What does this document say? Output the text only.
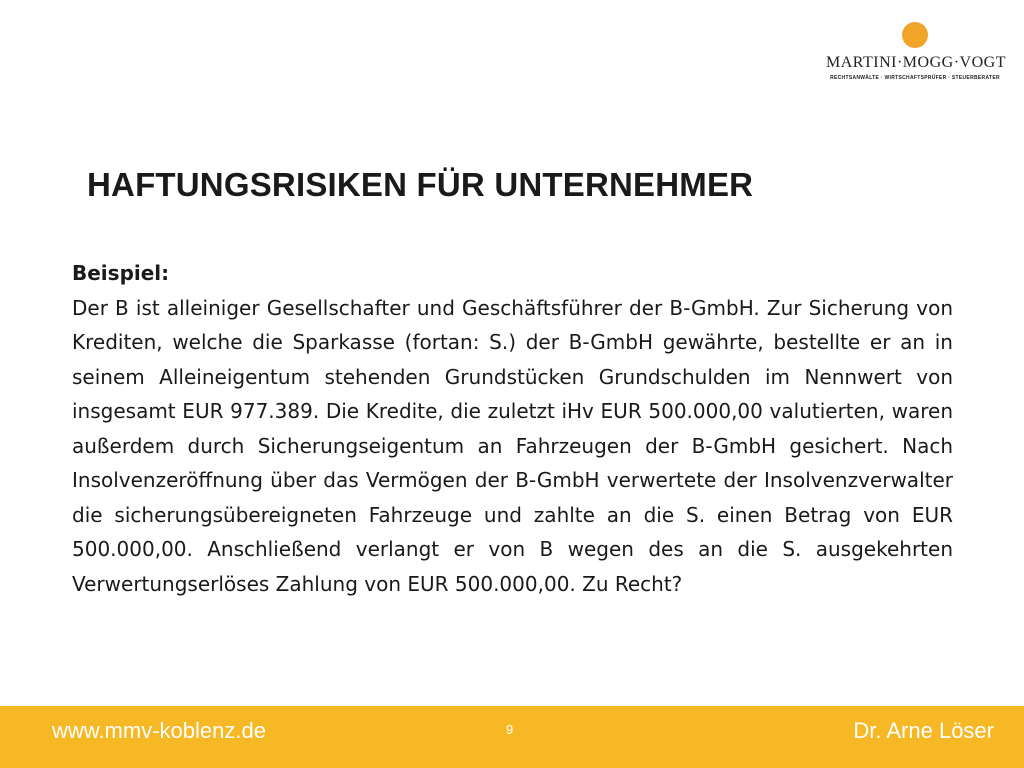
MARTINI·MOGG·VOGT
RECHTSANWÄLTE · WIRTSCHAFTSPRÜFER · STEUERBERATER
HAFTUNGSRISIKEN FÜR UNTERNEHMER
Beispiel:
Der B ist alleiniger Gesellschafter und Geschäftsführer der B-GmbH. Zur Sicherung von Krediten, welche die Sparkasse (fortan: S.) der B-GmbH gewährte, bestellte er an in seinem Alleineigentum stehenden Grundstücken Grundschulden im Nennwert von insgesamt EUR 977.389. Die Kredite, die zuletzt iHv EUR 500.000,00 valutierten, waren außerdem durch Sicherungseigentum an Fahrzeugen der B-GmbH gesichert. Nach Insolvenzeröffnung über das Vermögen der B-GmbH verwertete der Insolvenzverwalter die sicherungsübereigneten Fahrzeuge und zahlte an die S. einen Betrag von EUR 500.000,00. Anschließend verlangt er von B wegen des an die S. ausgekehrten Verwertungserlöses Zahlung von EUR 500.000,00. Zu Recht?
www.mmv-koblenz.de	9	Dr. Arne Löser
